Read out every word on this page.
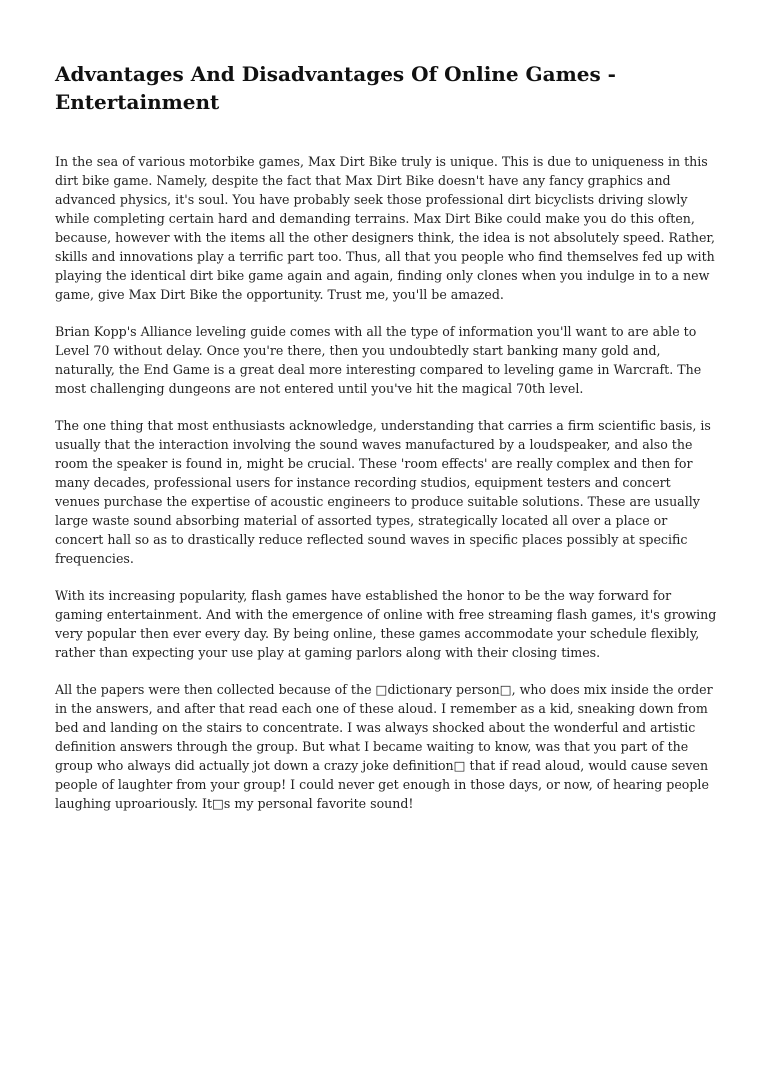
Advantages And Disadvantages Of Online Games - Entertainment

In the sea of various motorbike games, Max Dirt Bike truly is unique. This is due to uniqueness in this dirt bike game. Namely, despite the fact that Max Dirt Bike doesn't have any fancy graphics and advanced physics, it's soul. You have probably seek those professional dirt bicyclists driving slowly while completing certain hard and demanding terrains. Max Dirt Bike could make you do this often, because, however with the items all the other designers think, the idea is not absolutely speed. Rather, skills and innovations play a terrific part too. Thus, all that you people who find themselves fed up with playing the identical dirt bike game again and again, finding only clones when you indulge in to a new game, give Max Dirt Bike the opportunity. Trust me, you'll be amazed.

Brian Kopp's Alliance leveling guide comes with all the type of information you'll want to are able to Level 70 without delay. Once you're there, then you undoubtedly start banking many gold and, naturally, the End Game is a great deal more interesting compared to leveling game in Warcraft. The most challenging dungeons are not entered until you've hit the magical 70th level.

The one thing that most enthusiasts acknowledge, understanding that carries a firm scientific basis, is usually that the interaction involving the sound waves manufactured by a loudspeaker, and also the room the speaker is found in, might be crucial. These 'room effects' are really complex and then for many decades, professional users for instance recording studios, equipment testers and concert venues purchase the expertise of acoustic engineers to produce suitable solutions. These are usually large waste sound absorbing material of assorted types, strategically located all over a place or concert hall so as to drastically reduce reflected sound waves in specific places possibly at specific frequencies.

With its increasing popularity, flash games have established the honor to be the way forward for gaming entertainment. And with the emergence of online with free streaming flash games, it's growing very popular then ever every day. By being online, these games accommodate your schedule flexibly, rather than expecting your use play at gaming parlors along with their closing times.

All the papers were then collected because of the □dictionary person□, who does mix inside the order in the answers, and after that read each one of these aloud. I remember as a kid, sneaking down from bed and landing on the stairs to concentrate. I was always shocked about the wonderful and artistic definition answers through the group. But what I became waiting to know, was that you part of the group who always did actually jot down a crazy joke definition□ that if read aloud, would cause seven people of laughter from your group! I could never get enough in those days, or now, of hearing people laughing uproariously. It□s my personal favorite sound!
